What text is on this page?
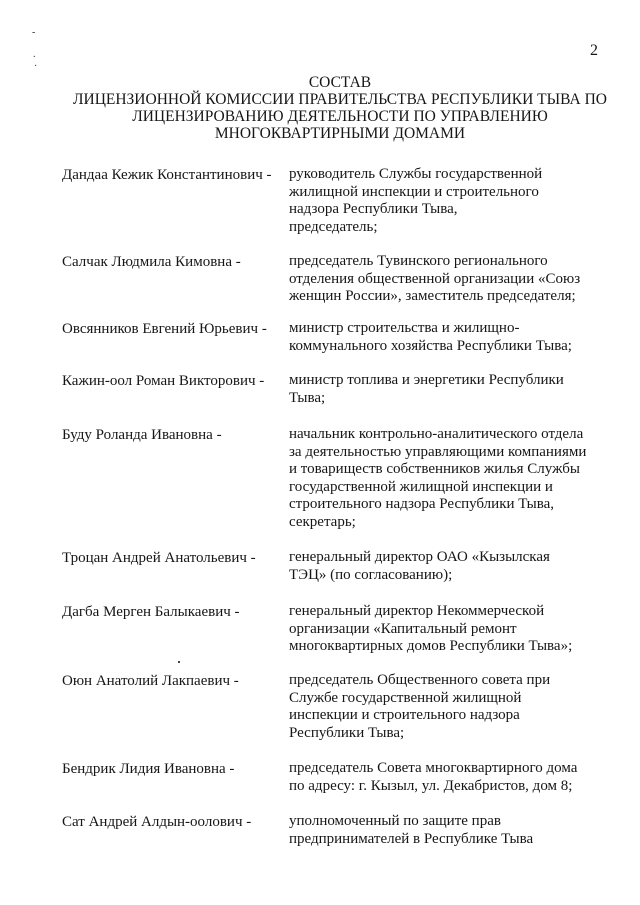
-
.
·
2
СОСТАВ
ЛИЦЕНЗИОННОЙ КОМИССИИ ПРАВИТЕЛЬСТВА РЕСПУБЛИКИ ТЫВА ПО
ЛИЦЕНЗИРОВАНИЮ ДЕЯТЕЛЬНОСТИ ПО УПРАВЛЕНИЮ
МНОГОКВАРТИРНЫМИ ДОМАМИ
Дандаа Кежик Константинович - руководитель Службы государственной
жилищной инспекции и строительного
надзора Республики Тыва,
председатель;
Салчак Людмила Кимовна -	председатель Тувинского регионального
отделения общественной организации «Союз
женщин России», заместитель председателя;
Овсянников Евгений Юрьевич - министр строительства и жилищно-
коммунального хозяйства Республики Тыва;
Кажин-оол Роман Викторович - министр топлива и энергетики Республики
Тыва;
Буду Роланда Ивановна -	начальник контрольно-аналитического отдела
за деятельностью управляющими компаниями
и товариществ собственников жилья Службы
государственной жилищной инспекции и
строительного надзора Республики Тыва,
секретарь;
Троцан Андрей Анатольевич - генеральный директор ОАО «Кызылская
ТЭЦ» (по согласованию);
Дагба Мерген Балыкаевич -	генеральный директор Некоммерческой
организации «Капитальный ремонт
многоквартирных домов Республики Тыва»;
Оюн Анатолий Лакпаевич -	председатель Общественного совета при
Службе государственной жилищной
инспекции и строительного надзора
Республики Тыва;
Бендрик Лидия Ивановна -	председатель Совета многоквартирного дома
по адресу: г. Кызыл, ул. Декабристов, дом 8;
Сат Андрей Алдын-оолович -	уполномоченный по защите прав
предпринимателей в Республике Тыва
